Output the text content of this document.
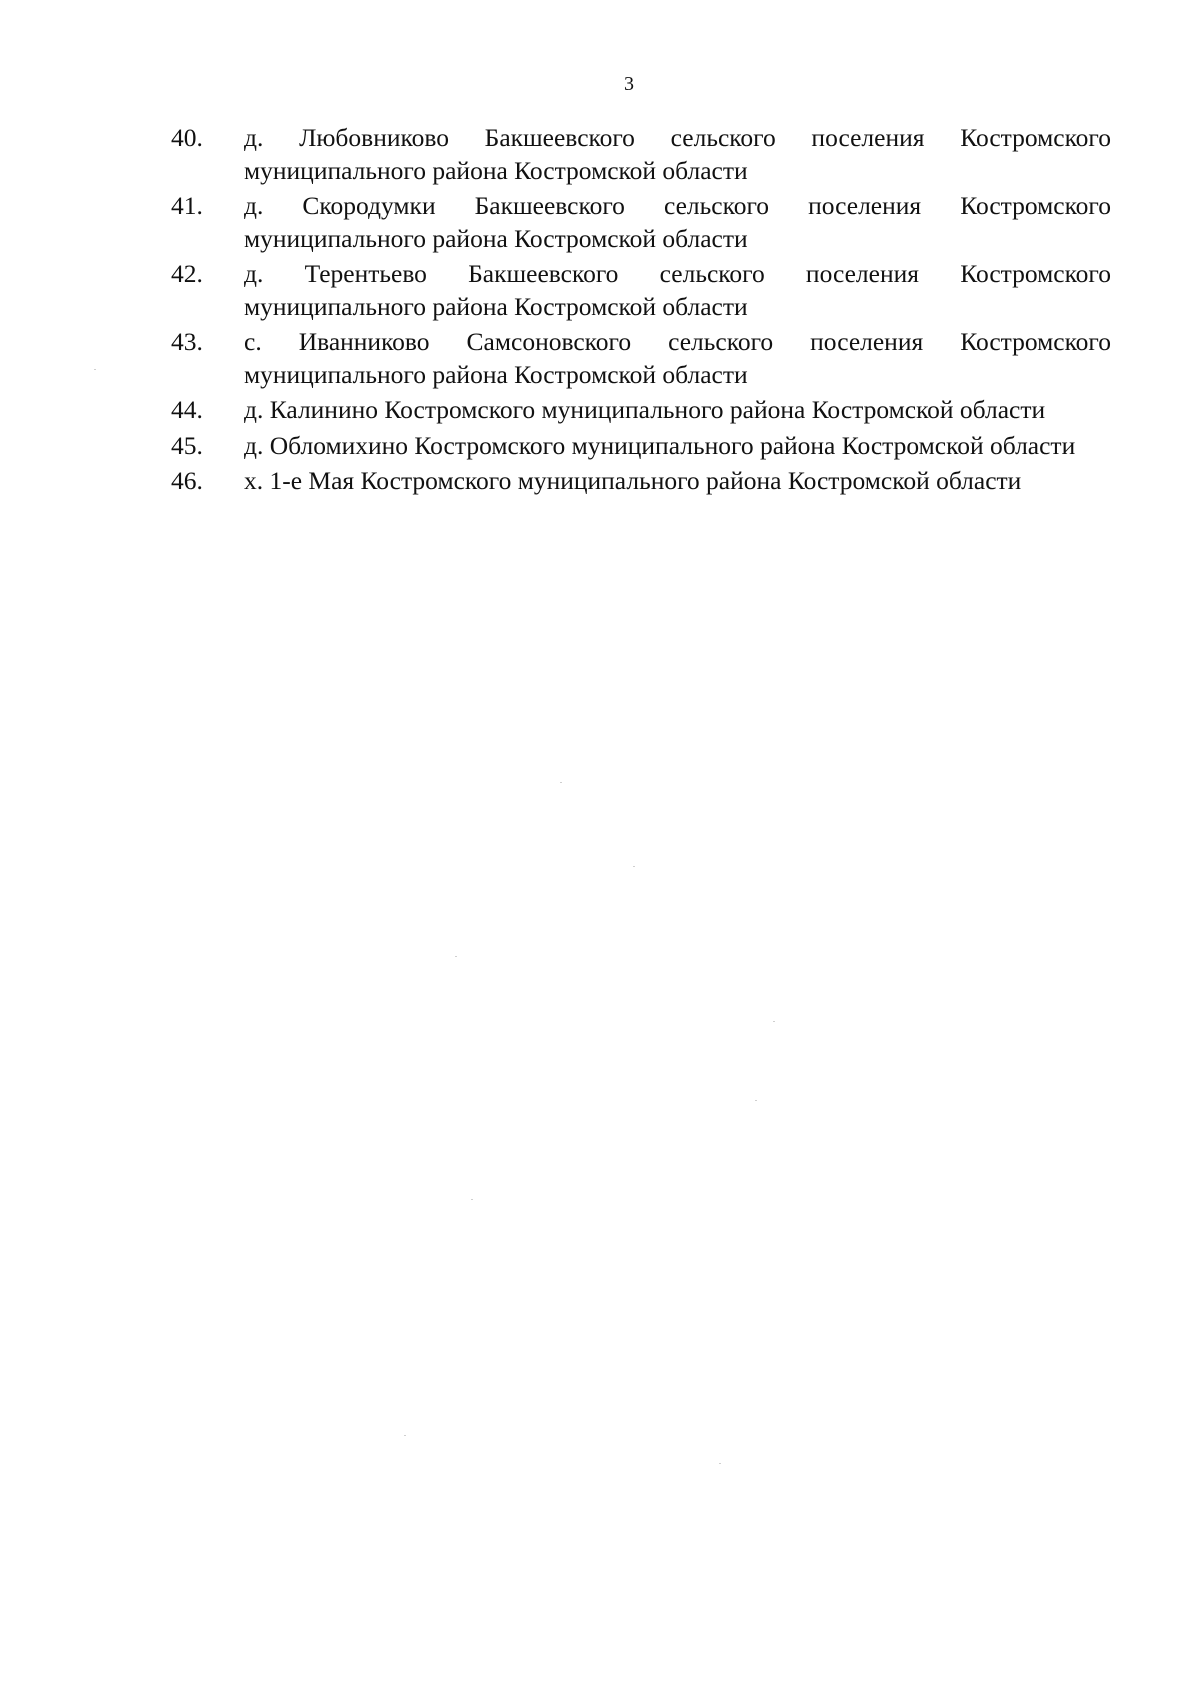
3
40.	д. Любовниково Бакшеевского сельского поселения Костромского муниципального района Костромской области
41.	д. Скородумки Бакшеевского сельского поселения Костромского муниципального района Костромской области
42.	д. Терентьево Бакшеевского сельского поселения Костромского муниципального района Костромской области
43.	с. Иванниково Самсоновского сельского поселения Костромского муниципального района Костромской области
44.	д. Калинино Костромского муниципального района Костромской области
45.	д. Обломихино Костромского муниципального района Костромской области
46.	х. 1-е Мая Костромского муниципального района Костромской области
